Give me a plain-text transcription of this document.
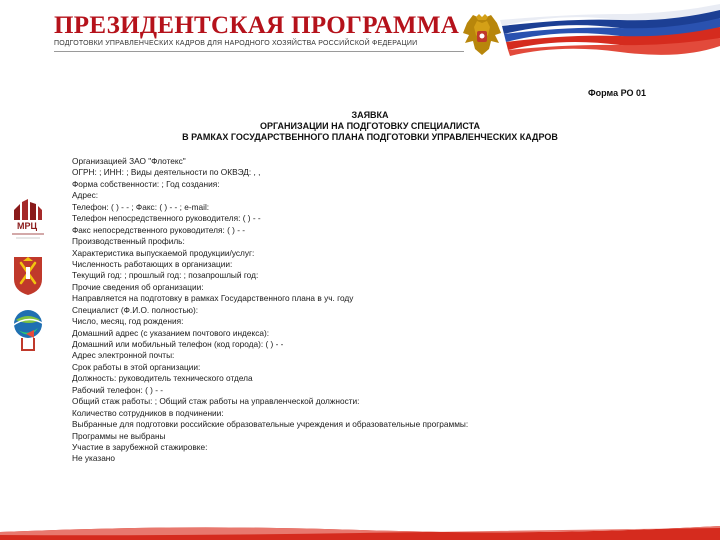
ПРЕЗИДЕНТСКАЯ ПРОГРАММА
ПОДГОТОВКИ УПРАВЛЕНЧЕСКИХ КАДРОВ ДЛЯ НАРОДНОГО ХОЗЯЙСТВА РОССИЙСКОЙ ФЕДЕРАЦИИ
МРЦ
Форма РО 01
ЗАЯВКА
ОРГАНИЗАЦИИ НА ПОДГОТОВКУ СПЕЦИАЛИСТА
В РАМКАХ ГОСУДАРСТВЕННОГО ПЛАНА ПОДГОТОВКИ УПРАВЛЕНЧЕСКИХ КАДРОВ
Организацией ЗАО "Флотекс"
ОГРН: ; ИНН: ; Виды деятельности по ОКВЭД: , ,
Форма собственности: ; Год создания:
Адрес:
Телефон: ( ) - - ; Факс: ( ) - - ; e-mail:
Телефон непосредственного руководителя: ( ) - -
Факс непосредственного руководителя: ( ) - -
Производственный профиль:
Характеристика выпускаемой продукции/услуг:
Численность работающих в организации:
Текущий год: ; прошлый год: ; позапрошлый год:
Прочие сведения об организации:
Направляется на подготовку в рамках Государственного плана в уч. году
Специалист (Ф.И.О. полностью):
Число, месяц, год рождения:
Домашний адрес (с указанием почтового индекса):
Домашний или мобильный телефон (код города): ( ) - -
Адрес электронной почты:
Срок работы в этой организации:
Должность: руководитель технического отдела
Рабочий телефон: ( ) - -
Общий стаж работы: ; Общий стаж работы на управленческой должности:
Количество сотрудников в подчинении:
Выбранные для подготовки российские образовательные учреждения и образовательные программы:
Программы не выбраны
Участие в зарубежной стажировке:
Не указано
